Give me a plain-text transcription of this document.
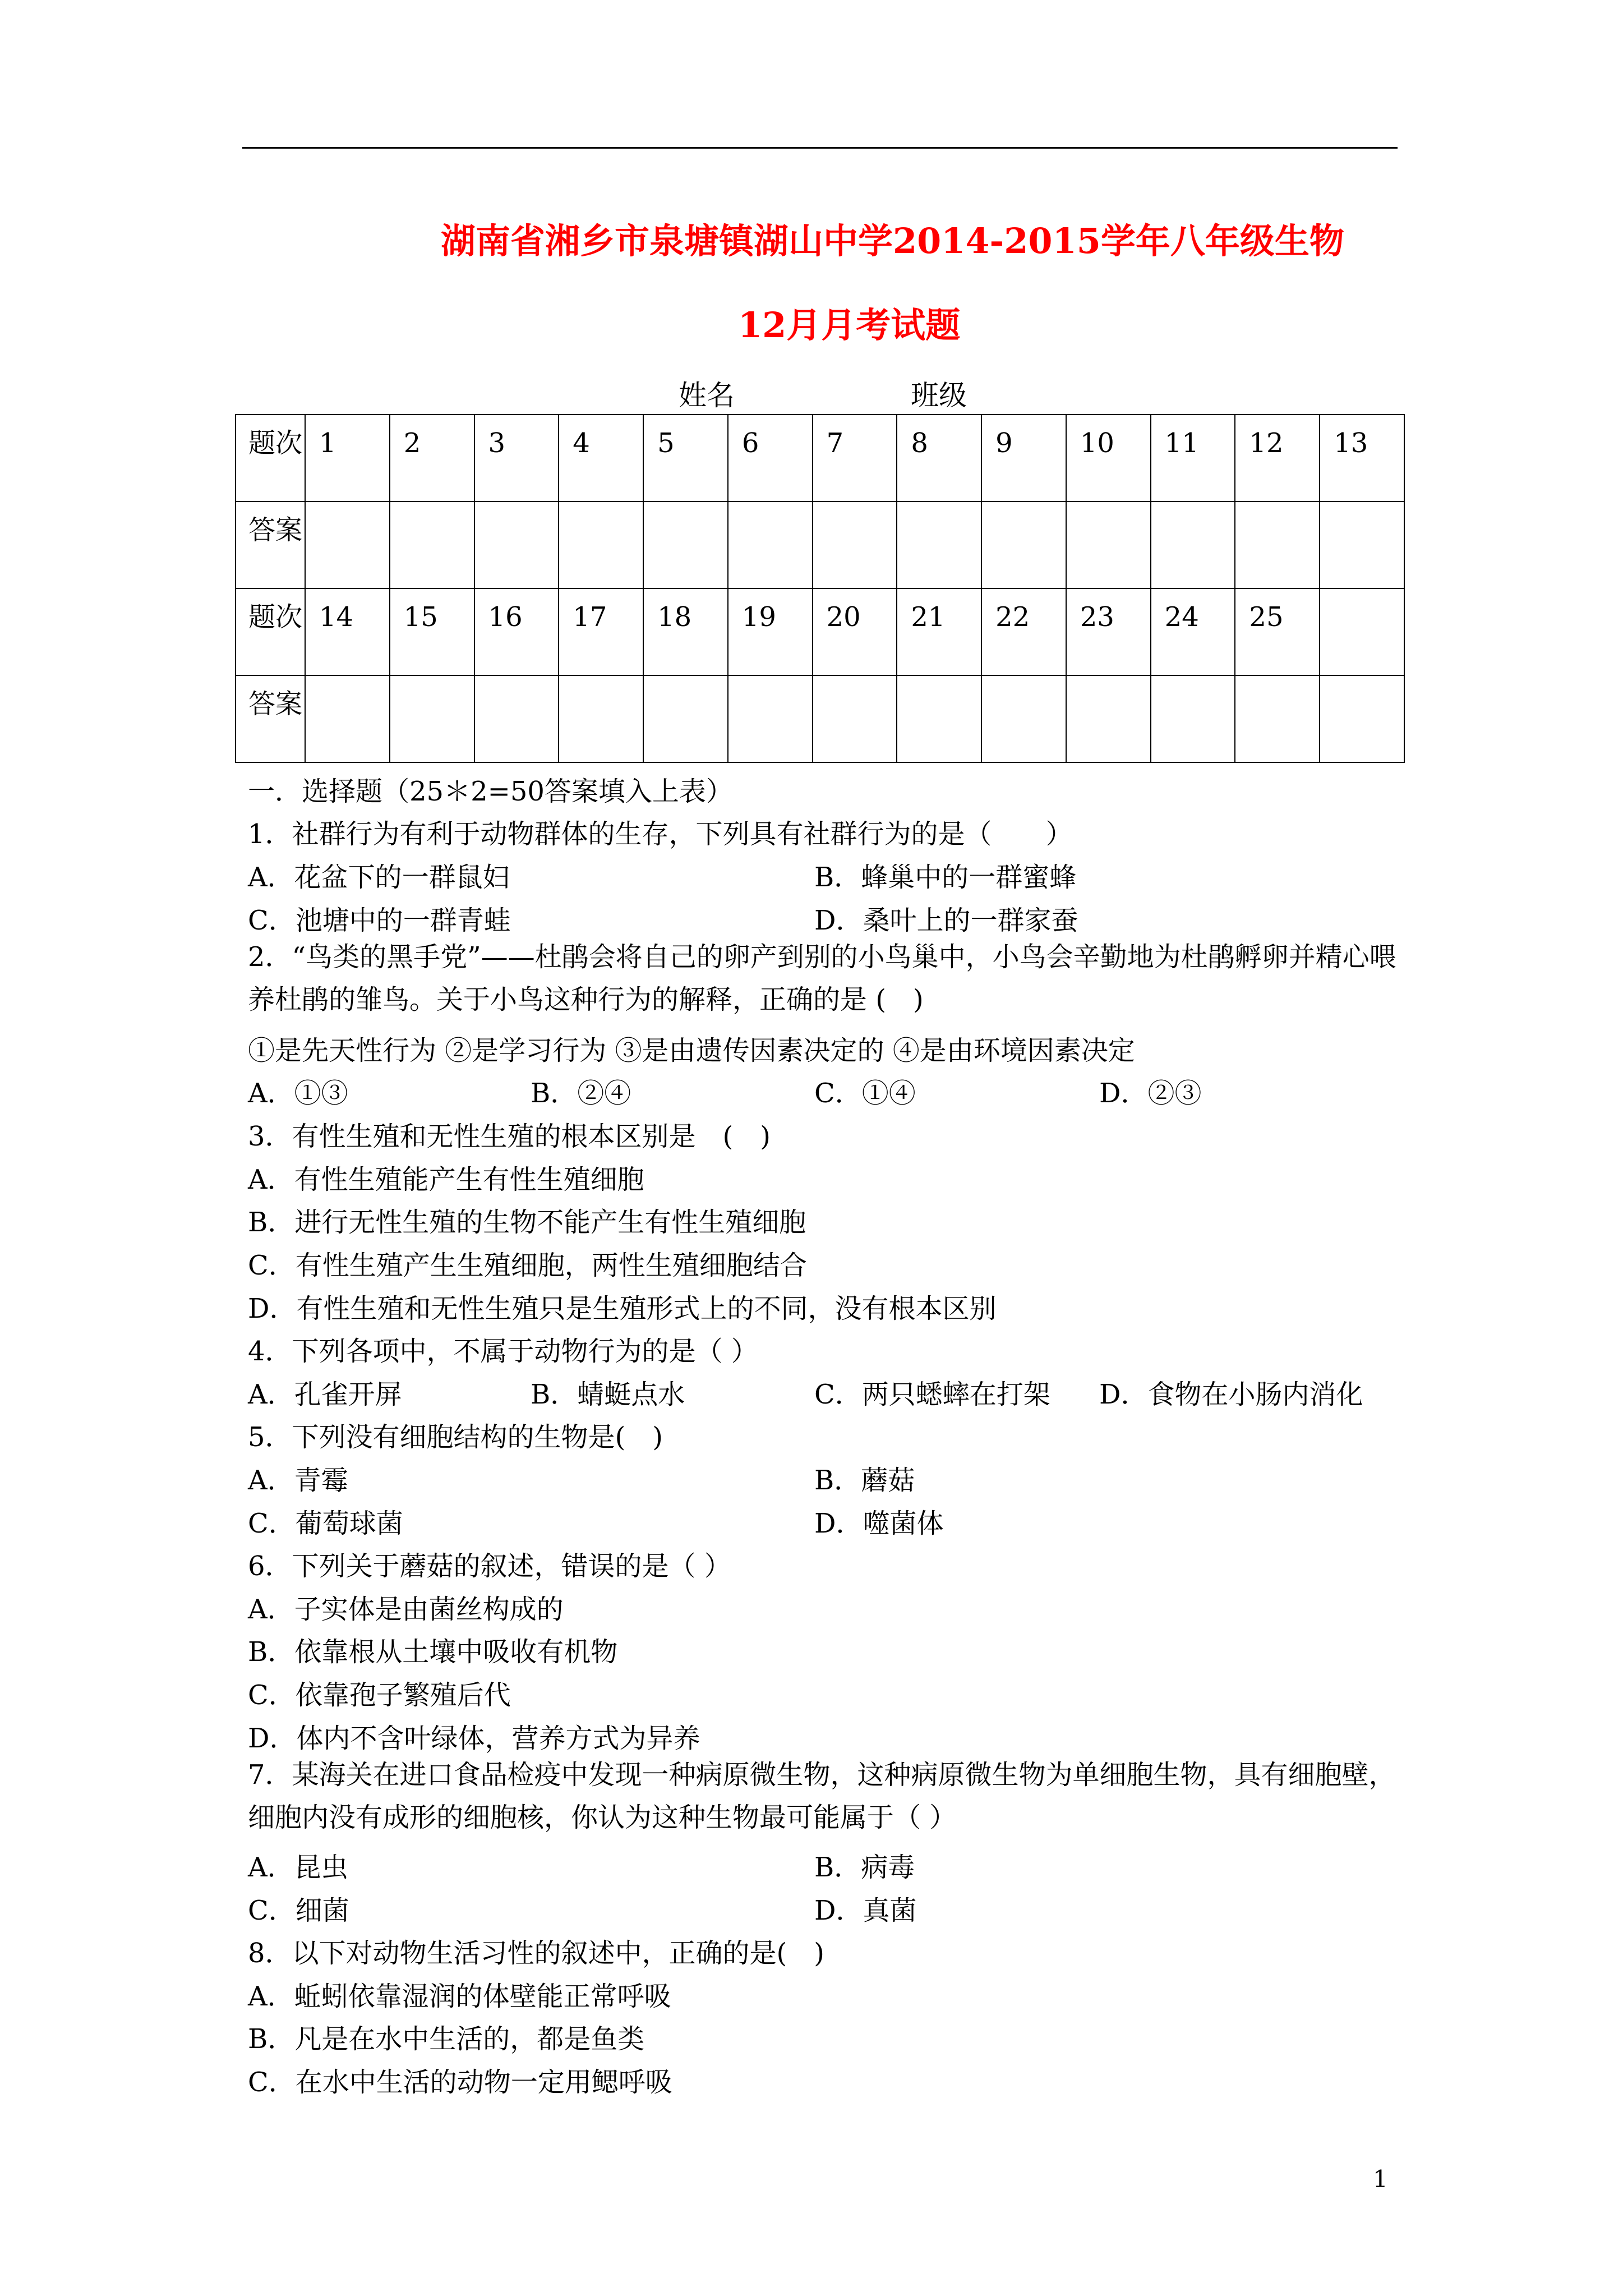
湖南省湘乡市泉塘镇湖山中学2014-2015学年八年级生物
12月月考试题
姓名	班级
题次	1	2	3	4	5	6	7	8	9	10	11	12	13
答案													
题次	14	15	16	17	18	19	20	21	22	23	24	25	
答案													
一．选择题（25＊2=50答案填入上表）
1．社群行为有利于动物群体的生存，下列具有社群行为的是（　　）
A．花盆下的一群鼠妇	B．蜂巢中的一群蜜蜂
C．池塘中的一群青蛙	D．桑叶上的一群家蚕
2．“鸟类的黑手党”——杜鹃会将自己的卵产到别的小鸟巢中，小鸟会辛勤地为杜鹃孵卵并精心喂养杜鹃的雏鸟。关于小鸟这种行为的解释，正确的是 (　)
①是先天性行为 ②是学习行为 ③是由遗传因素决定的 ④是由环境因素决定
A．①③	B．②④	C．①④	D．②③
3．有性生殖和无性生殖的根本区别是　(　)
A．有性生殖能产生有性生殖细胞
B．进行无性生殖的生物不能产生有性生殖细胞
C．有性生殖产生生殖细胞，两性生殖细胞结合
D．有性生殖和无性生殖只是生殖形式上的不同，没有根本区别
4．下列各项中，不属于动物行为的是（ ）
A．孔雀开屏	B．蜻蜓点水	C．两只蟋蟀在打架 D．食物在小肠内消化
5．下列没有细胞结构的生物是(　)
A．青霉	B．蘑菇
C．葡萄球菌	D．噬菌体
6．下列关于蘑菇的叙述，错误的是（ ）
A．子实体是由菌丝构成的
B．依靠根从土壤中吸收有机物
C．依靠孢子繁殖后代
D．体内不含叶绿体，营养方式为异养
7．某海关在进口食品检疫中发现一种病原微生物，这种病原微生物为单细胞生物，具有细胞壁，细胞内没有成形的细胞核，你认为这种生物最可能属于（ ）
A．昆虫	B．病毒
C．细菌	D．真菌
8．以下对动物生活习性的叙述中，正确的是(　)
A．蚯蚓依靠湿润的体壁能正常呼吸
B．凡是在水中生活的，都是鱼类
C．在水中生活的动物一定用鳃呼吸
1
